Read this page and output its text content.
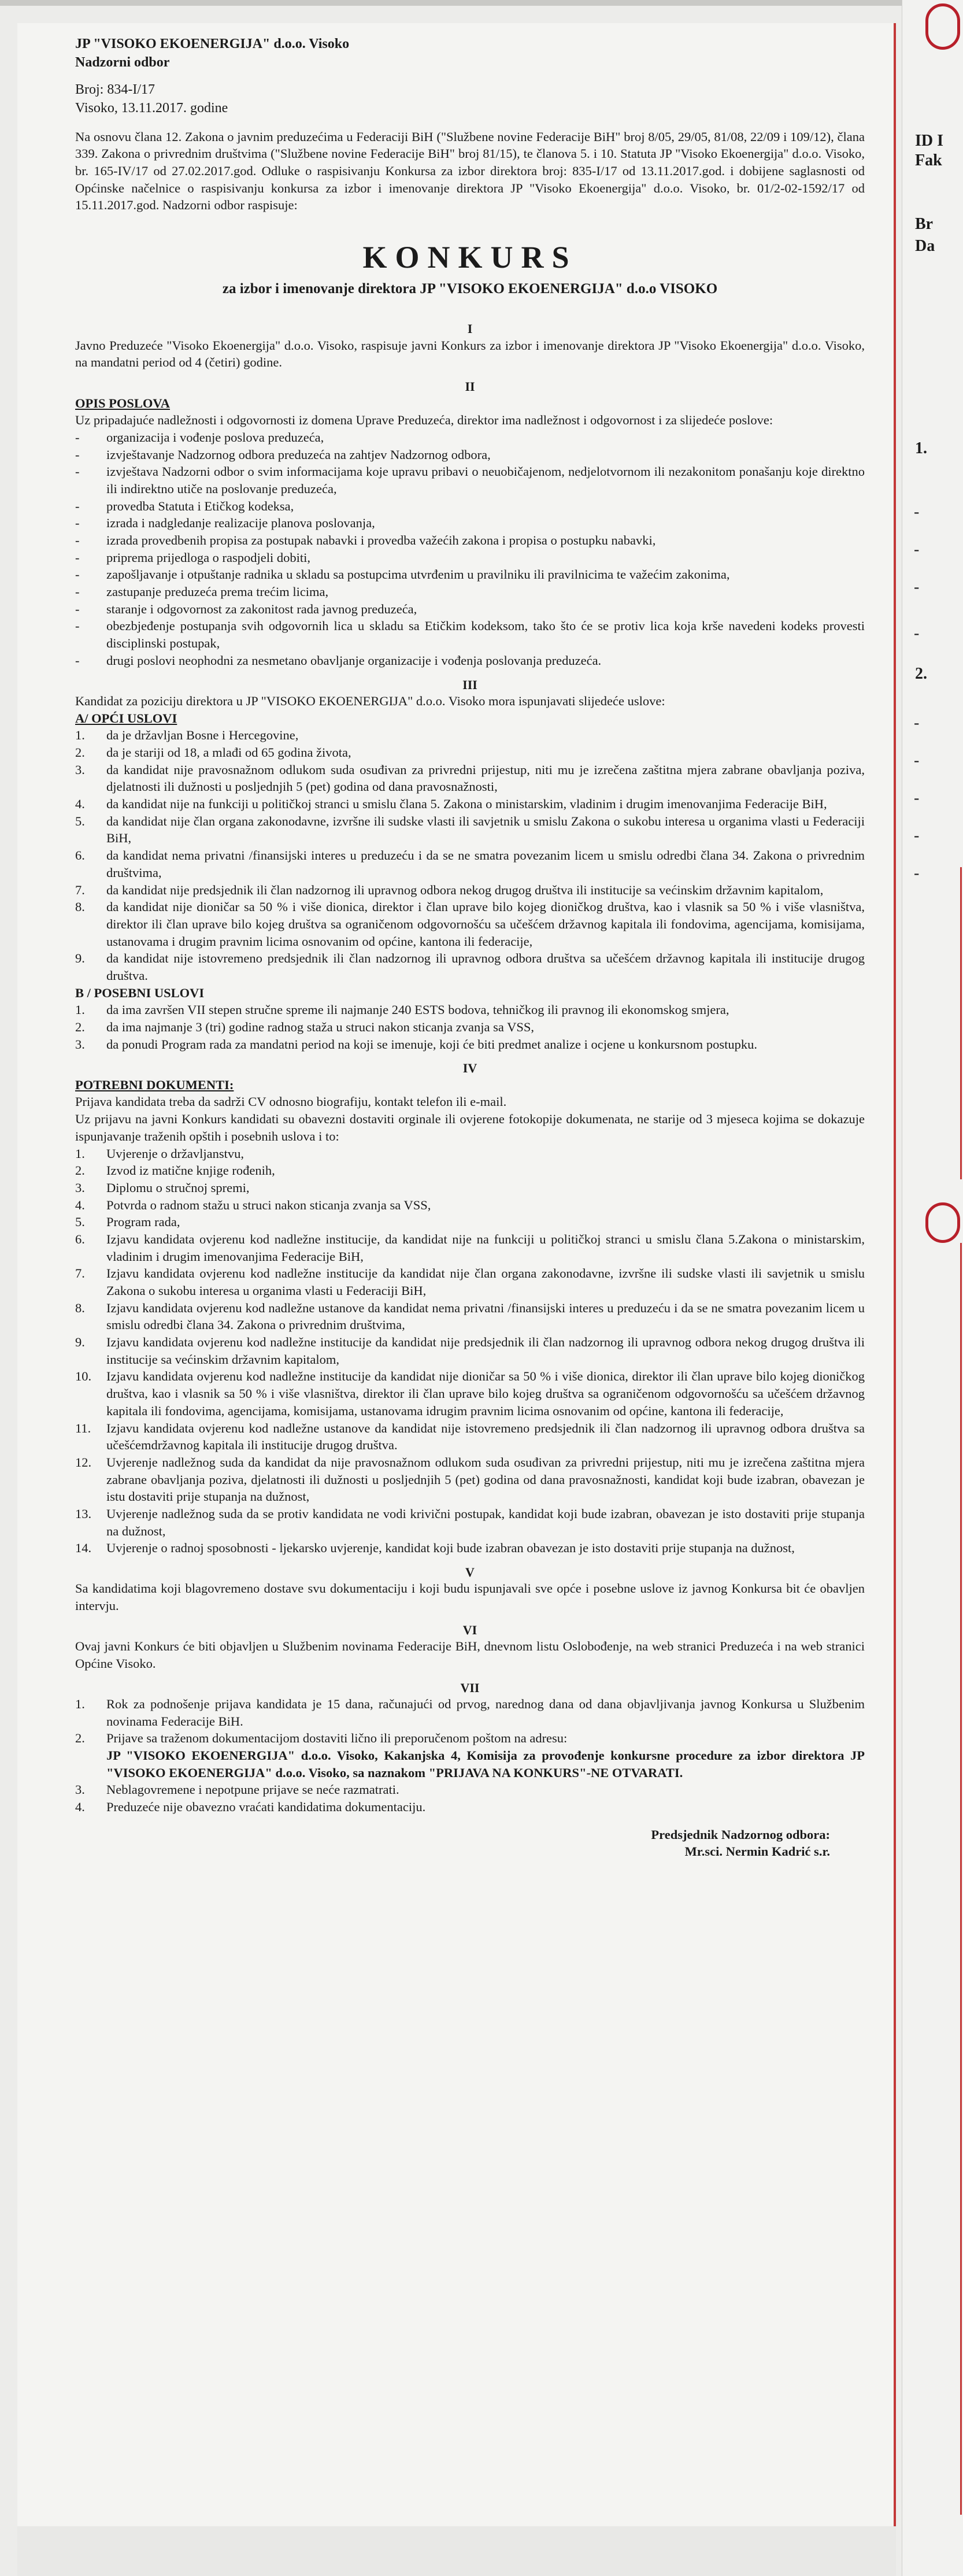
JP "VISOKO EKOENERGIJA" d.o.o. Visoko

Nadzorni odbor

Broj: 834-I/17

Visoko, 13.11.2017. godine

Na osnovu člana 12. Zakona o javnim preduzećima u Federaciji BiH ("Službene novine Federacije BiH" broj 8/05, 29/05, 81/08, 22/09 i 109/12), člana 339. Zakona o privrednim društvima ("Službene novine Federacije BiH" broj 81/15), te članova 5. i 10. Statuta JP "Visoko Ekoenergija" d.o.o. Visoko, br. 165-IV/17 od 27.02.2017.god. Odluke o raspisivanju Konkursa za izbor direktora broj: 835-I/17 od 13.11.2017.god. i dobijene saglasnosti od Općinske načelnice o raspisivanju konkursa za izbor i imenovanje direktora JP "Visoko Ekoenergija" d.o.o. Visoko, br. 01/2-02-1592/17 od 15.11.2017.god. Nadzorni odbor raspisuje:

KONKURS

za izbor i imenovanje direktora JP "VISOKO EKOENERGIJA" d.o.o VISOKO

I

Javno Preduzeće "Visoko Ekoenergija" d.o.o. Visoko, raspisuje javni Konkurs za izbor i imenovanje direktora JP "Visoko Ekoenergija" d.o.o. Visoko, na mandatni period od 4 (četiri) godine.

II

OPIS POSLOVA

Uz pripadajuće nadležnosti i odgovornosti iz domena Uprave Preduzeća, direktor ima nadležnost i odgovornost i za slijedeće poslove:

- organizacija i vođenje poslova preduzeća,
- izvještavanje Nadzornog odbora preduzeća na zahtjev Nadzornog odbora,
- izvještava Nadzorni odbor o svim informacijama koje upravu pribavi o neuobičajenom, nedjelotvornom ili nezakonitom ponašanju koje direktno ili indirektno utiče na poslovanje preduzeća,
- provedba Statuta i Etičkog kodeksa,
- izrada i nadgledanje realizacije planova poslovanja,
- izrada provedbenih propisa za postupak nabavki i provedba važećih zakona i propisa o postupku nabavki,
- priprema prijedloga o raspodjeli dobiti,
- zapošljavanje i otpuštanje radnika u skladu sa postupcima utvrđenim u pravilniku ili pravilnicima te važećim zakonima,
- zastupanje preduzeća prema trećim licima,
- staranje i odgovornost za zakonitost rada javnog preduzeća,
- obezbjeđenje postupanja svih odgovornih lica u skladu sa Etičkim kodeksom, tako što će se protiv lica koja krše navedeni kodeks provesti disciplinski postupak,
- drugi poslovi neophodni za nesmetano obavljanje organizacije i vođenja poslovanja preduzeća.

III

Kandidat za poziciju direktora u JP "VISOKO EKOENERGIJA" d.o.o. Visoko mora ispunjavati slijedeće uslove:

A/ OPĆI USLOVI

1. da je državljan Bosne i Hercegovine,
2. da je stariji od 18, a mlađi od 65 godina života,
3. da kandidat nije pravosnažnom odlukom suda osuđivan za privredni prijestup, niti mu je izrečena zaštitna mjera zabrane obavljanja poziva, djelatnosti ili dužnosti u posljednjih 5 (pet) godina od dana pravosnažnosti,
4. da kandidat nije na funkciji u političkoj stranci u smislu člana 5. Zakona o ministarskim, vladinim i drugim imenovanjima Federacije BiH,
5. da kandidat nije član organa zakonodavne, izvršne ili sudske vlasti ili savjetnik u smislu Zakona o sukobu interesa u organima vlasti u Federaciji BiH,
6. da kandidat nema privatni /finansijski interes u preduzeću i da se ne smatra povezanim licem u smislu odredbi člana 34. Zakona o privrednim društvima,
7. da kandidat nije predsjednik ili član nadzornog ili upravnog odbora nekog drugog društva ili institucije sa većinskim državnim kapitalom,
8. da kandidat nije dioničar sa 50 % i više dionica, direktor i član uprave bilo kojeg dioničkog društva, kao i vlasnik sa 50 % i više vlasništva, direktor ili član uprave bilo kojeg društva sa ograničenom odgovornošću sa učešćem državnog kapitala ili fondovima, agencijama, komisijama, ustanovama i drugim pravnim licima osnovanim od općine, kantona ili federacije,
9. da kandidat nije istovremeno predsjednik ili član nadzornog ili upravnog odbora društva sa učešćem državnog kapitala ili institucije drugog društva.

B / POSEBNI USLOVI

1. da ima završen VII stepen stručne spreme ili najmanje 240 ESTS bodova, tehničkog ili pravnog ili ekonomskog smjera,
2. da ima najmanje 3 (tri) godine radnog staža u struci nakon sticanja zvanja sa VSS,
3. da ponudi Program rada za mandatni period na koji se imenuje, koji će biti predmet analize i ocjene u konkursnom postupku.

IV

POTREBNI DOKUMENTI:

Prijava kandidata treba da sadrži CV odnosno biografiju, kontakt telefon ili e-mail.

Uz prijavu na javni Konkurs kandidati su obavezni dostaviti orginale ili ovjerene fotokopije dokumenata, ne starije od 3 mjeseca kojima se dokazuje ispunjavanje traženih opštih i posebnih uslova i to:

1. Uvjerenje o državljanstvu,
2. Izvod iz matične knjige rođenih,
3. Diplomu o stručnoj spremi,
4. Potvrda o radnom stažu u struci nakon sticanja zvanja sa VSS,
5. Program rada,
6. Izjavu kandidata ovjerenu kod nadležne institucije, da kandidat nije na funkciji u političkoj stranci u smislu člana 5.Zakona o ministarskim, vladinim i drugim imenovanjima Federacije BiH,
7. Izjavu kandidata ovjerenu kod nadležne institucije da kandidat nije član organa zakonodavne, izvršne ili sudske vlasti ili savjetnik u smislu Zakona o sukobu interesa u organima vlasti u Federaciji BiH,
8. Izjavu kandidata ovjerenu kod nadležne ustanove da kandidat nema privatni /finansijski interes u preduzeću i da se ne smatra povezanim licem u smislu odredbi člana 34. Zakona o privrednim društvima,
9. Izjavu kandidata ovjerenu kod nadležne institucije da kandidat nije predsjednik ili član nadzornog ili upravnog odbora nekog drugog društva ili institucije sa većinskim državnim kapitalom,
10. Izjavu kandidata ovjerenu kod nadležne institucije da kandidat nije dioničar sa 50 % i više dionica, direktor ili član uprave bilo kojeg dioničkog društva, kao i vlasnik sa 50 % i više vlasništva, direktor ili član uprave bilo kojeg društva sa ograničenom odgovornošću sa učešćem državnog kapitala ili fondovima, agencijama, komisijama, ustanovama idrugim pravnim licima osnovanim od općine, kantona ili federacije,
11. Izjavu kandidata ovjerenu kod nadležne ustanove da kandidat nije istovremeno predsjednik ili član nadzornog ili upravnog odbora društva sa učešćemdržavnog kapitala ili institucije drugog društva.
12. Uvjerenje nadležnog suda da kandidat da nije pravosnažnom odlukom suda osuđivan za privredni prijestup, niti mu je izrečena zaštitna mjera zabrane obavljanja poziva, djelatnosti ili dužnosti u posljednjih 5 (pet) godina od dana pravosnažnosti, kandidat koji bude izabran, obavezan je istu dostaviti prije stupanja na dužnost,
13. Uvjerenje nadležnog suda da se protiv kandidata ne vodi krivični postupak, kandidat koji bude izabran, obavezan je isto dostaviti prije stupanja na dužnost,
14. Uvjerenje o radnoj sposobnosti - ljekarsko uvjerenje, kandidat koji bude izabran obavezan je isto dostaviti prije stupanja na dužnost,

V

Sa kandidatima koji blagovremeno dostave svu dokumentaciju i koji budu ispunjavali sve opće i posebne uslove iz javnog Konkursa bit će obavljen intervju.

VI

Ovaj javni Konkurs će biti objavljen u Službenim novinama Federacije BiH, dnevnom listu Oslobođenje, na web stranici Preduzeća i na web stranici Općine Visoko.

VII

1. Rok za podnošenje prijava kandidata je 15 dana, računajući od prvog, narednog dana od dana objavljivanja javnog Konkursa u Službenim novinama Federacije BiH.
2. Prijave sa traženom dokumentacijom dostaviti lično ili preporučenom poštom na adresu:
JP "VISOKO EKOENERGIJA" d.o.o. Visoko, Kakanjska 4, Komisija za provođenje konkursne procedure za izbor direktora JP "VISOKO EKOENERGIJA" d.o.o. Visoko, sa naznakom "PRIJAVA NA KONKURS"-NE OTVARATI.
3. Neblagovremene i nepotpune prijave se neće razmatrati.
4. Preduzeće nije obavezno vraćati kandidatima dokumentaciju.

Predsjednik Nadzornog odbora:

Mr.sci. Nermin Kadrić s.r.

ID I
Fak
Br
Da
1.
-
-
-
-
2.
-
-
-
-
-
